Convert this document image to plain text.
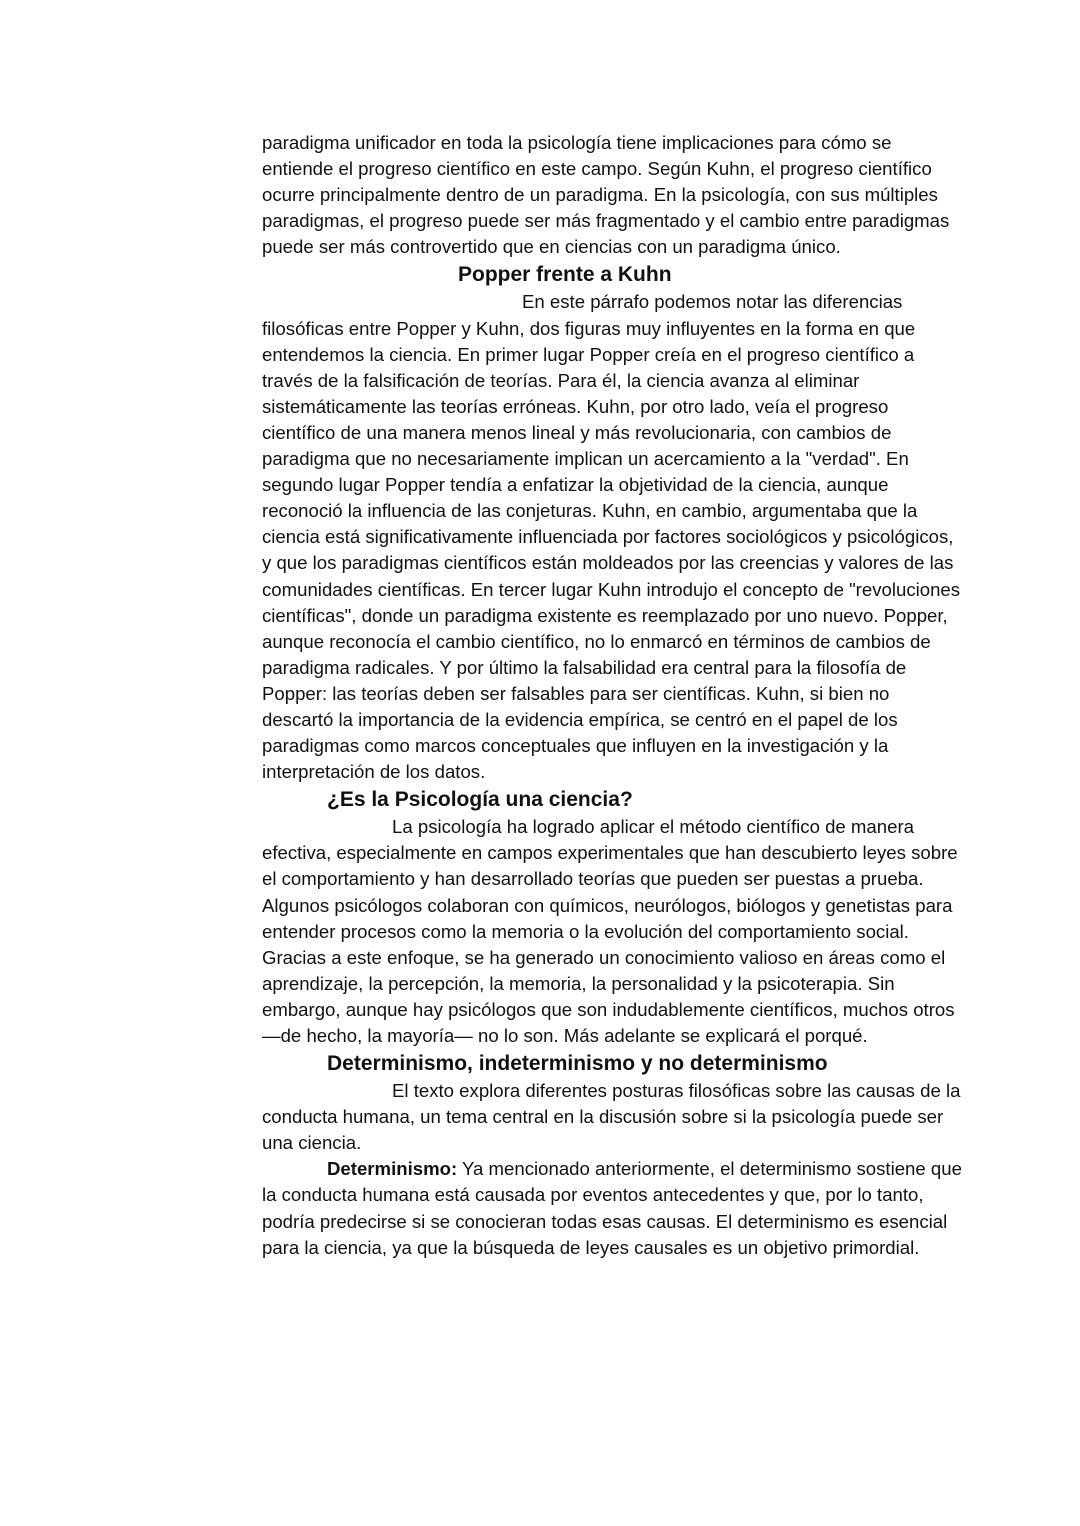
paradigma unificador en toda la psicología tiene implicaciones para cómo se entiende el progreso científico en este campo. Según Kuhn, el progreso científico ocurre principalmente dentro de un paradigma. En la psicología, con sus múltiples paradigmas, el progreso puede ser más fragmentado y el cambio entre paradigmas puede ser más controvertido que en ciencias con un paradigma único.

Popper frente a Kuhn

En este párrafo podemos notar las diferencias filosóficas entre Popper y Kuhn, dos figuras muy influyentes en la forma en que entendemos la ciencia. En primer lugar Popper creía en el progreso científico a través de la falsificación de teorías. Para él, la ciencia avanza al eliminar sistemáticamente las teorías erróneas. Kuhn, por otro lado, veía el progreso científico de una manera menos lineal y más revolucionaria, con cambios de paradigma que no necesariamente implican un acercamiento a la "verdad". En segundo lugar Popper tendía a enfatizar la objetividad de la ciencia, aunque reconoció la influencia de las conjeturas. Kuhn, en cambio, argumentaba que la ciencia está significativamente influenciada por factores sociológicos y psicológicos, y que los paradigmas científicos están moldeados por las creencias y valores de las comunidades científicas. En tercer lugar Kuhn introdujo el concepto de "revoluciones científicas", donde un paradigma existente es reemplazado por uno nuevo. Popper, aunque reconocía el cambio científico, no lo enmarcó en términos de cambios de paradigma radicales. Y por último la falsabilidad era central para la filosofía de Popper: las teorías deben ser falsables para ser científicas. Kuhn, si bien no descartó la importancia de la evidencia empírica, se centró en el papel de los paradigmas como marcos conceptuales que influyen en la investigación y la interpretación de los datos.

¿Es la Psicología una ciencia?

La psicología ha logrado aplicar el método científico de manera efectiva, especialmente en campos experimentales que han descubierto leyes sobre el comportamiento y han desarrollado teorías que pueden ser puestas a prueba. Algunos psicólogos colaboran con químicos, neurólogos, biólogos y genetistas para entender procesos como la memoria o la evolución del comportamiento social. Gracias a este enfoque, se ha generado un conocimiento valioso en áreas como el aprendizaje, la percepción, la memoria, la personalidad y la psicoterapia. Sin embargo, aunque hay psicólogos que son indudablemente científicos, muchos otros —de hecho, la mayoría— no lo son. Más adelante se explicará el porqué.

Determinismo, indeterminismo y no determinismo

El texto explora diferentes posturas filosóficas sobre las causas de la conducta humana, un tema central en la discusión sobre si la psicología puede ser una ciencia.

Determinismo: Ya mencionado anteriormente, el determinismo sostiene que la conducta humana está causada por eventos antecedentes y que, por lo tanto, podría predecirse si se conocieran todas esas causas. El determinismo es esencial para la ciencia, ya que la búsqueda de leyes causales es un objetivo primordial.
